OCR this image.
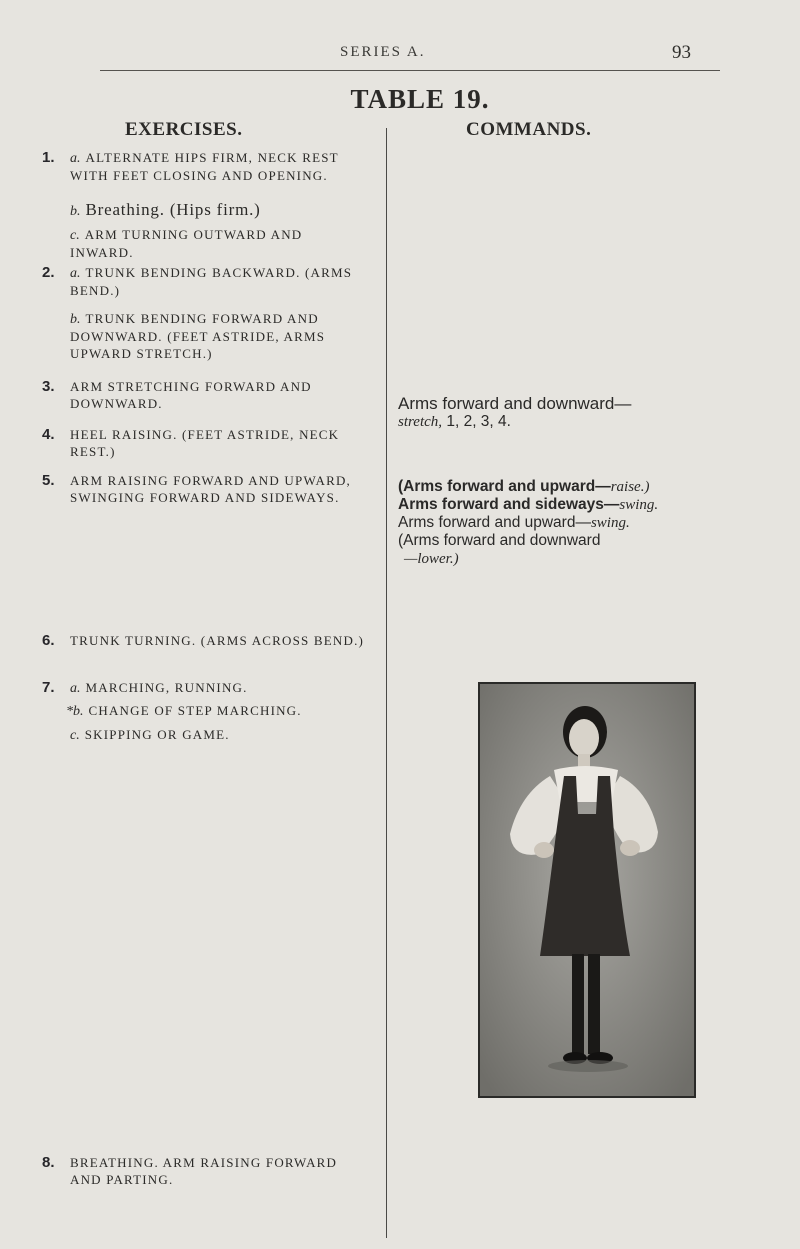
SERIES A.	93
TABLE 19.
EXERCISES.	COMMANDS.
1. a. ALTERNATE HIPS FIRM, NECK REST WITH FEET CLOSING AND OPENING.
b. Breathing. (Hips firm.)
c. ARM TURNING OUTWARD AND INWARD.
2. a. TRUNK BENDING BACKWARD. (ARMS BEND.)
b. TRUNK BENDING FORWARD AND DOWNWARD. (FEET ASTRIDE, ARMS UPWARD STRETCH.)
3. ARM STRETCHING FORWARD AND DOWNWARD.
4. HEEL RAISING. (FEET ASTRIDE, NECK REST.)
5. ARM RAISING FORWARD AND UPWARD, SWINGING FORWARD AND SIDEWAYS.
6. TRUNK TURNING. (ARMS ACROSS BEND.)
7. a. MARCHING, RUNNING.
*b. CHANGE OF STEP MARCHING.
c. SKIPPING OR GAME.
8. BREATHING. ARM RAISING FORWARD AND PARTING.
Arms forward and downward—
stretch, 1, 2, 3, 4.
(Arms forward and upward—raise.)
Arms forward and sideways—swing.
Arms forward and upward—swing.
(Arms forward and downward
—lower.)
